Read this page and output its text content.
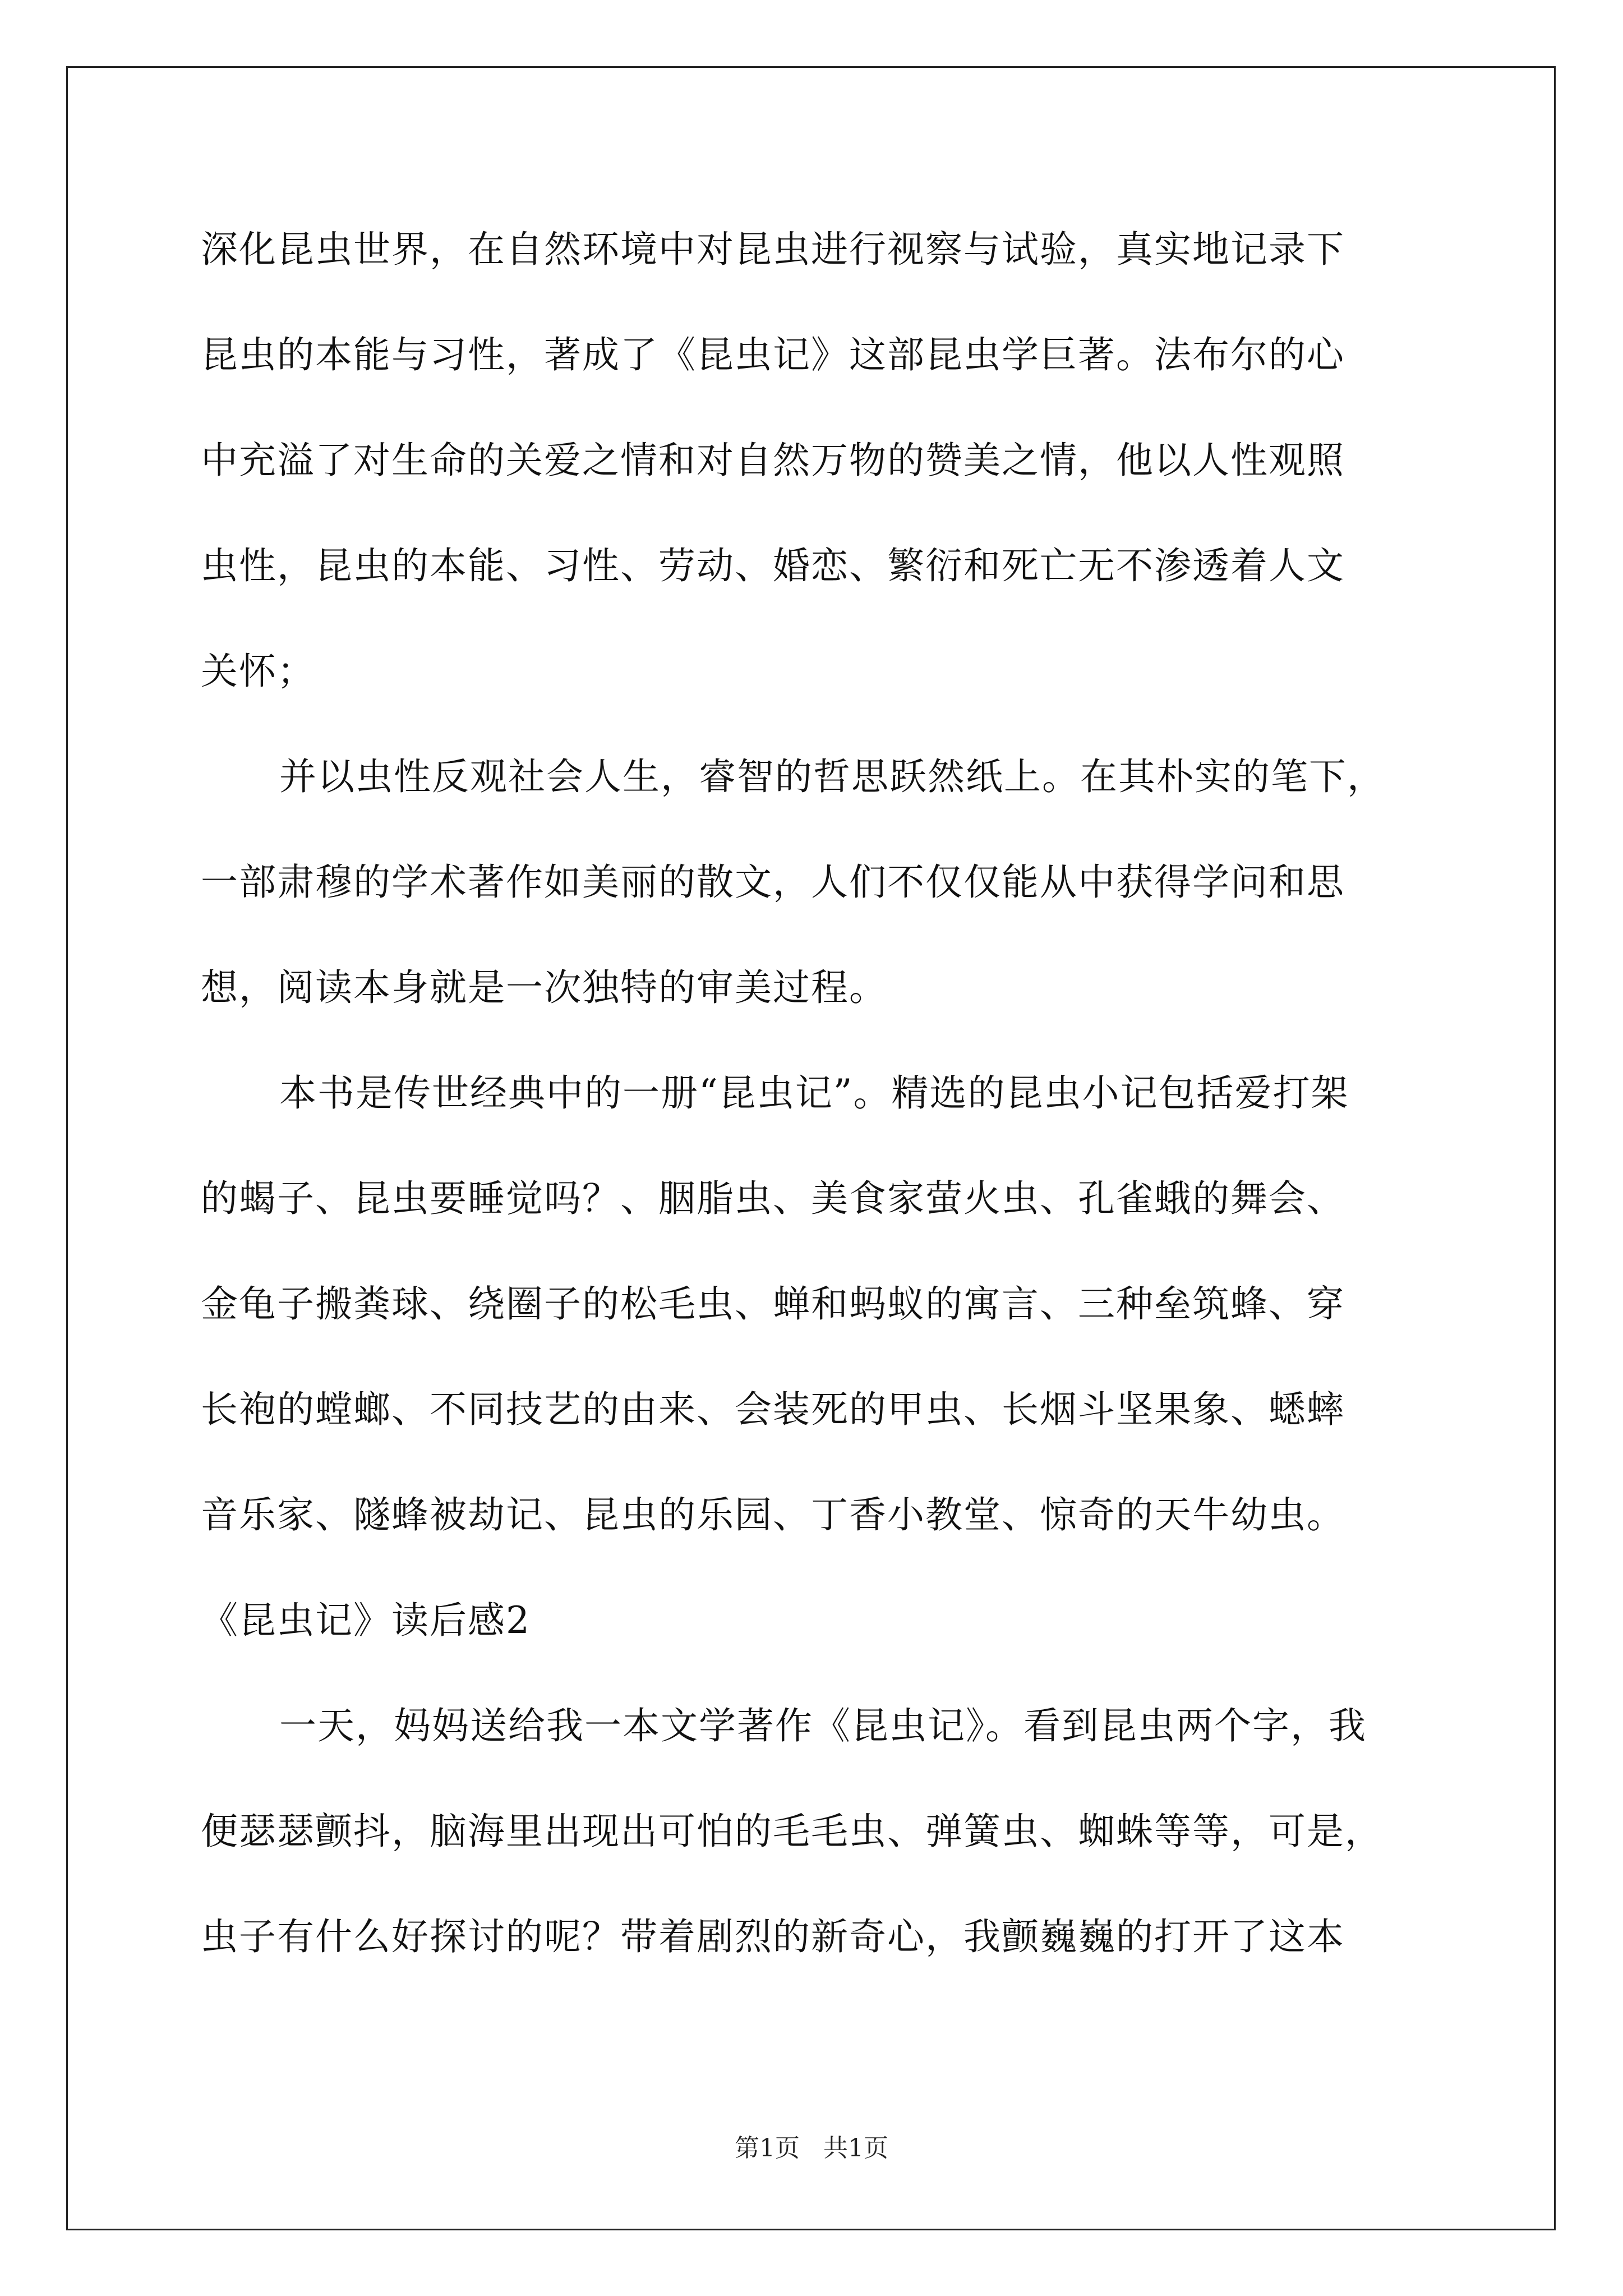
深化昆虫世界，在自然环境中对昆虫进行视察与试验，真实地记录下
昆虫的本能与习性，著成了《昆虫记》这部昆虫学巨著。法布尔的心
中充溢了对生命的关爱之情和对自然万物的赞美之情，他以人性观照
虫性，昆虫的本能、习性、劳动、婚恋、繁衍和死亡无不渗透着人文
关怀；
并以虫性反观社会人生，睿智的哲思跃然纸上。在其朴实的笔下，
一部肃穆的学术著作如美丽的散文，人们不仅仅能从中获得学问和思
想，阅读本身就是一次独特的审美过程。
本书是传世经典中的一册“昆虫记”。精选的昆虫小记包括爱打架
的蝎子、昆虫要睡觉吗？、胭脂虫、美食家萤火虫、孔雀蛾的舞会、
金龟子搬粪球、绕圈子的松毛虫、蝉和蚂蚁的寓言、三种垒筑蜂、穿
长袍的螳螂、不同技艺的由来、会装死的甲虫、长烟斗坚果象、蟋蟀
音乐家、隧蜂被劫记、昆虫的乐园、丁香小教堂、惊奇的天牛幼虫。
《昆虫记》读后感2
一天，妈妈送给我一本文学著作《昆虫记》。看到昆虫两个字，我
便瑟瑟颤抖，脑海里出现出可怕的毛毛虫、弹簧虫、蜘蛛等等，可是，
虫子有什么好探讨的呢？带着剧烈的新奇心，我颤巍巍的打开了这本
第1页 共1页
